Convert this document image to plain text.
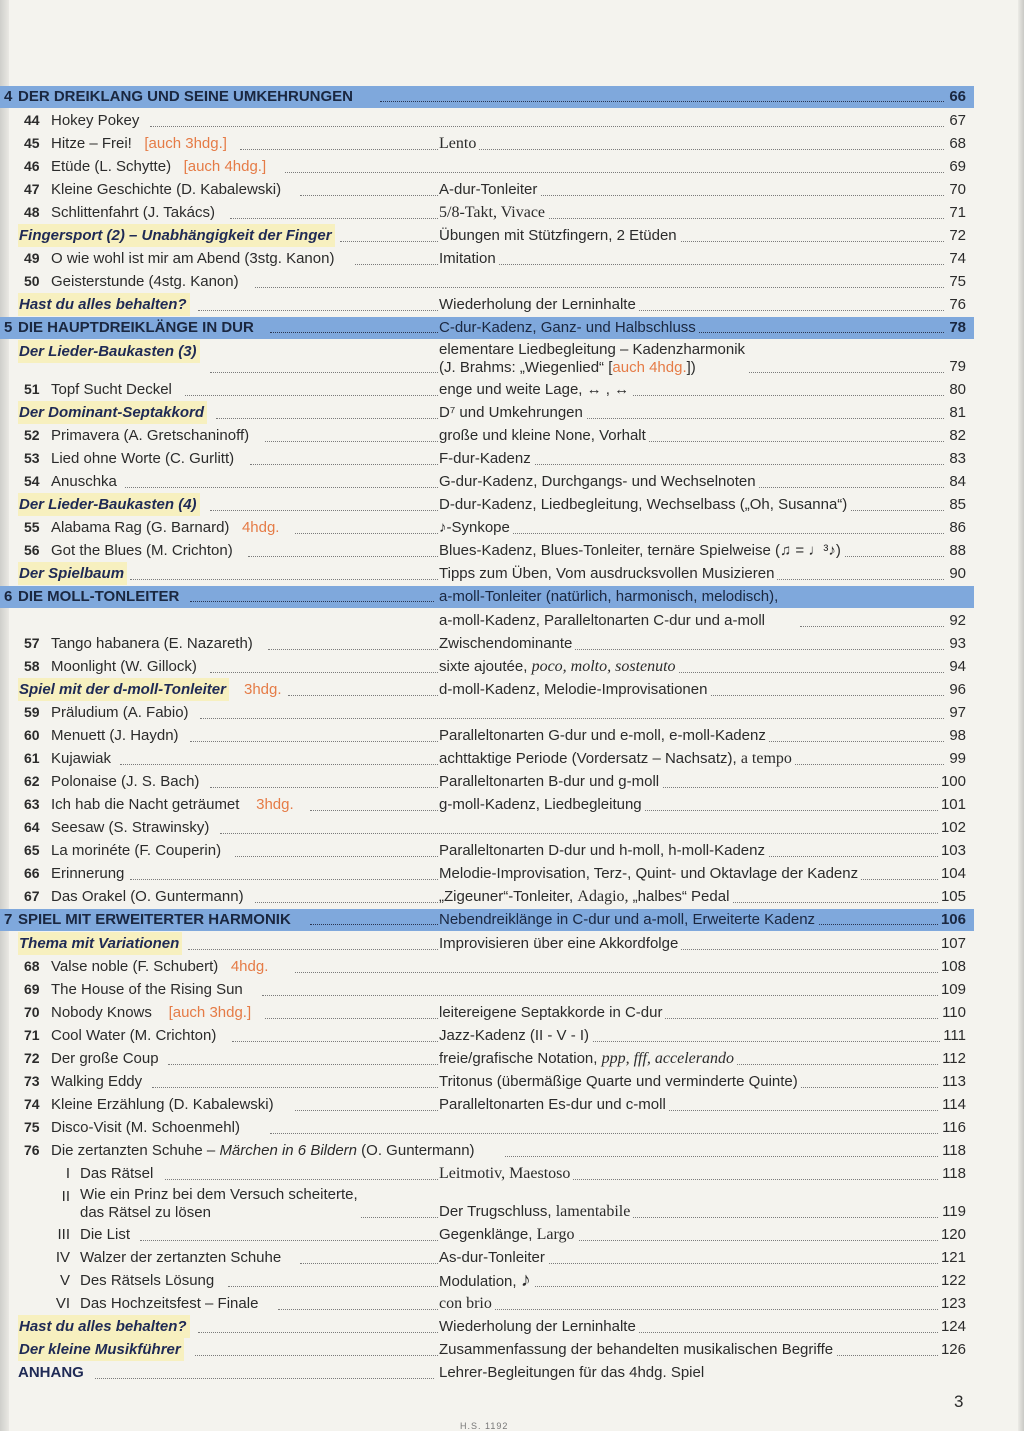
4 DER DREIKLANG UND SEINE UMKEHRUNGEN	66
44 Hokey Pokey	67
45 Hitze – Frei! [auch 3hdg.]	Lento	68
46 Etüde (L. Schytte) [auch 4hdg.]	69
47 Kleine Geschichte (D. Kabalewski)	A-dur-Tonleiter	70
48 Schlittenfahrt (J. Takács)	5/8-Takt, Vivace	71
Fingersport (2) – Unabhängigkeit der Finger	Übungen mit Stützfingern, 2 Etüden	72
49 O wie wohl ist mir am Abend (3stg. Kanon)	Imitation	74
50 Geisterstunde (4stg. Kanon)	75
Hast du alles behalten?	Wiederholung der Lerninhalte	76
5 DIE HAUPTDREIKLÄNGE IN DUR	C-dur-Kadenz, Ganz- und Halbschluss	78
Der Lieder-Baukasten (3)	elementare Liedbegleitung – Kadenzharmonik
(J. Brahms: „Wiegenlied“ [auch 4hdg.])	79
51 Topf Sucht Deckel	enge und weite Lage, ↔ , ↔	80
Der Dominant-Septakkord	D⁷ und Umkehrungen	81
52 Primavera (A. Gretschaninoff)	große und kleine None, Vorhalt	82
53 Lied ohne Worte (C. Gurlitt)	F-dur-Kadenz	83
54 Anuschka	G-dur-Kadenz, Durchgangs- und Wechselnoten	84
Der Lieder-Baukasten (4)	D-dur-Kadenz, Liedbegleitung, Wechselbass („Oh, Susanna“)	85
55 Alabama Rag (G. Barnard) 4hdg.	♪-Synkope	86
56 Got the Blues (M. Crichton)	Blues-Kadenz, Blues-Tonleiter, ternäre Spielweise (♫ = ♩³♪)	88
Der Spielbaum	Tipps zum Üben, Vom ausdrucksvollen Musizieren	90
6 DIE MOLL-TONLEITER	a-moll-Tonleiter (natürlich, harmonisch, melodisch),
a-moll-Kadenz, Paralleltonarten C-dur und a-moll	92
57 Tango habanera (E. Nazareth)	Zwischendominante	93
58 Moonlight (W. Gillock)	sixte ajoutée, poco, molto, sostenuto	94
Spiel mit der d-moll-Tonleiter 3hdg.	d-moll-Kadenz, Melodie-Improvisationen	96
59 Präludium (A. Fabio)	97
60 Menuett (J. Haydn)	Paralleltonarten G-dur und e-moll, e-moll-Kadenz	98
61 Kujawiak	achttaktige Periode (Vordersatz – Nachsatz), a tempo	99
62 Polonaise (J. S. Bach)	Paralleltonarten B-dur und g-moll	100
63 Ich hab die Nacht geträumet 3hdg.	g-moll-Kadenz, Liedbegleitung	101
64 Seesaw (S. Strawinsky)	102
65 La morinéte (F. Couperin)	Paralleltonarten D-dur und h-moll, h-moll-Kadenz	103
66 Erinnerung	Melodie-Improvisation, Terz-, Quint- und Oktavlage der Kadenz	104
67 Das Orakel (O. Guntermann)	„Zigeuner“-Tonleiter, Adagio, „halbes“ Pedal	105
7 SPIEL MIT ERWEITERTER HARMONIK	Nebendreiklänge in C-dur und a-moll, Erweiterte Kadenz	106
Thema mit Variationen	Improvisieren über eine Akkordfolge	107
68 Valse noble (F. Schubert) 4hdg.	108
69 The House of the Rising Sun	109
70 Nobody Knows [auch 3hdg.]	leitereigene Septakkorde in C-dur	110
71 Cool Water (M. Crichton)	Jazz-Kadenz (II - V - I)	111
72 Der große Coup	freie/grafische Notation, ppp, fff, accelerando	112
73 Walking Eddy	Tritonus (übermäßige Quarte und verminderte Quinte)	113
74 Kleine Erzählung (D. Kabalewski)	Paralleltonarten Es-dur und c-moll	114
75 Disco-Visit (M. Schoenmehl)	116
76 Die zertanzten Schuhe – Märchen in 6 Bildern (O. Guntermann)	118
I Das Rätsel	Leitmotiv, Maestoso	118
II Wie ein Prinz bei dem Versuch scheiterte,
das Rätsel zu lösen	Der Trugschluss, lamentabile	119
III Die List	Gegenklänge, Largo	120
IV Walzer der zertanzten Schuhe	As-dur-Tonleiter	121
V Des Rätsels Lösung	Modulation, ♪	122
VI Das Hochzeitsfest – Finale	con brio	123
Hast du alles behalten?	Wiederholung der Lerninhalte	124
Der kleine Musikführer	Zusammenfassung der behandelten musikalischen Begriffe	126
ANHANG	Lehrer-Begleitungen für das 4hdg. Spiel
3
H.S. 1192
